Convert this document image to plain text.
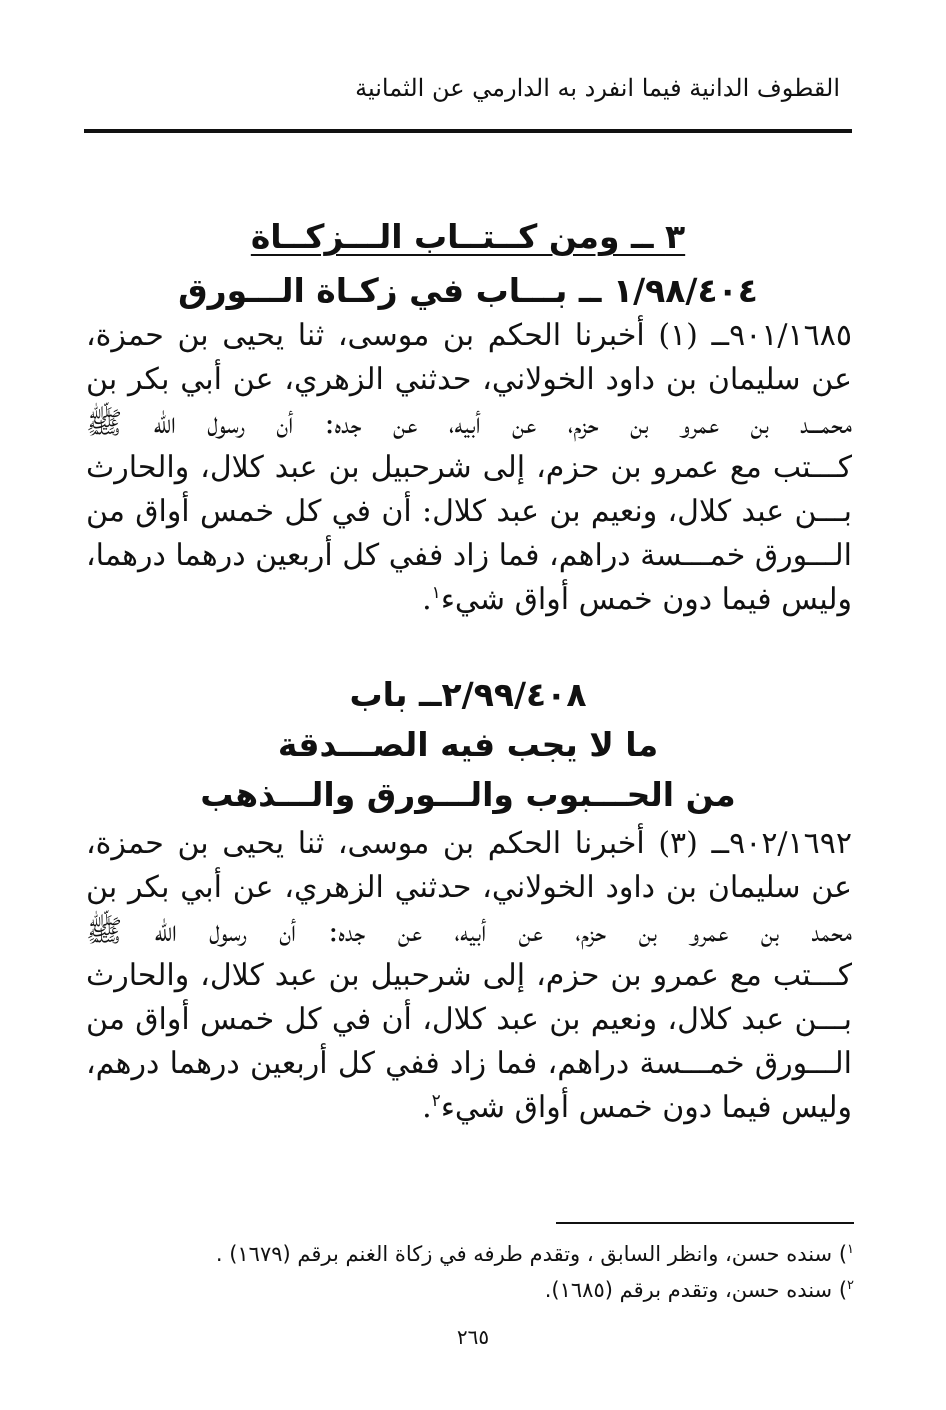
القطوف الدانية فيما انفرد به الدارمي عن الثمانية
٣ ــ ومن كــتــاب الـــزكــاة
١/٩٨/٤٠٤ ــ بـــاب في زكـاة الـــورق
٩٠١/١٦٨٥ــ (١) أخبرنا الحكم بن موسى، ثنا يحيى بن حمزة،
عن سليمان بن داود الخولاني، حدثني الزهري، عن أبي بكر بن
محمـــد بن عمرو بن حزم، عن أبيه، عن جده: أن رسول الله ﷺ
كـــتب مع عمرو بن حزم، إلى شرحبيل بن عبد كلال، والحارث
بـــن عبد كلال، ونعيم بن عبد كلال: أن في كل خمس أواق من
الـــورق خمـــسة دراهم، فما زاد ففي كل أربعين درهما درهما،
وليس فيما دون خمس أواق شيء$^١$.
٢/٩٩/٤٠٨ــ باب
ما لا يجب فيه الصـــدقة
من الحـــبوب والـــورق والـــذهب
٩٠٢/١٦٩٢ــ (٣) أخبرنا الحكم بن موسى، ثنا يحيى بن حمزة،
عن سليمان بن داود الخولاني، حدثني الزهري، عن أبي بكر بن
محمد بن عمرو بن حزم، عن أبيه، عن جده: أن رسول الله ﷺ
كـــتب مع عمرو بن حزم، إلى شرحبيل بن عبد كلال، والحارث
بـــن عبد كلال، ونعيم بن عبد كلال، أن في كل خمس أواق من
الـــورق خمـــسة دراهم، فما زاد ففي كل أربعين درهما درهم،
وليس فيما دون خمس أواق شيء$^٢$.
$^١$) سنده حسن، وانظر السابق ، وتقدم طرفه في زكاة الغنم برقم (١٦٧٩) .
$^٢$) سنده حسن، وتقدم برقم (١٦٨٥).
٢٦٥
